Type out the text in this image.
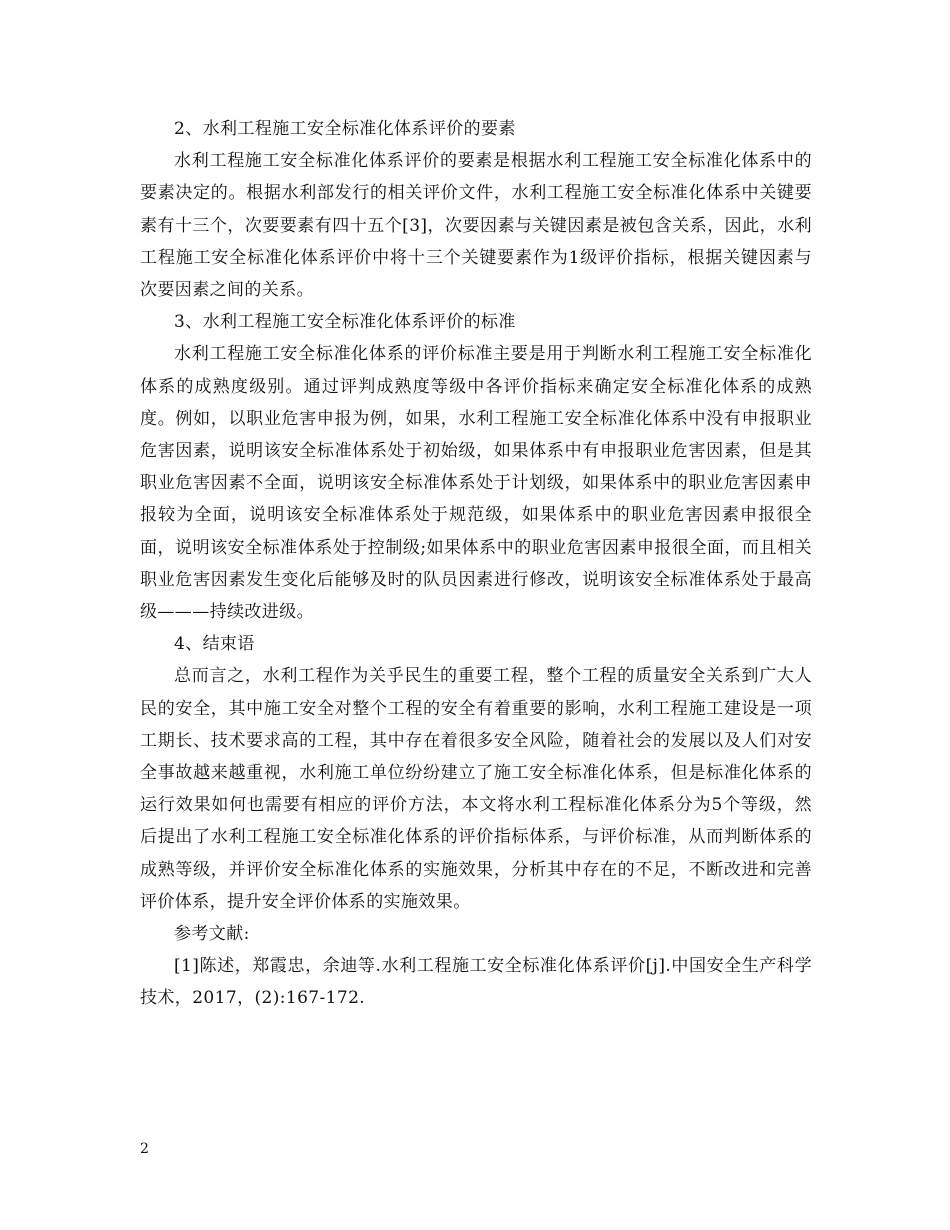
2、水利工程施工安全标准化体系评价的要素

水利工程施工安全标准化体系评价的要素是根据水利工程施工安全标准化体系中的要素决定的。根据水利部发行的相关评价文件，水利工程施工安全标准化体系中关键要素有十三个，次要要素有四十五个[3]，次要因素与关键因素是被包含关系，因此，水利工程施工安全标准化体系评价中将十三个关键要素作为1级评价指标，根据关键因素与次要因素之间的关系。

3、水利工程施工安全标准化体系评价的标准

水利工程施工安全标准化体系的评价标准主要是用于判断水利工程施工安全标准化体系的成熟度级别。通过评判成熟度等级中各评价指标来确定安全标准化体系的成熟度。例如，以职业危害申报为例，如果，水利工程施工安全标准化体系中没有申报职业危害因素，说明该安全标准体系处于初始级，如果体系中有申报职业危害因素，但是其职业危害因素不全面，说明该安全标准体系处于计划级，如果体系中的职业危害因素申报较为全面，说明该安全标准体系处于规范级，如果体系中的职业危害因素申报很全面，说明该安全标准体系处于控制级;如果体系中的职业危害因素申报很全面，而且相关职业危害因素发生变化后能够及时的队员因素进行修改，说明该安全标准体系处于最高级———持续改进级。

4、结束语

总而言之，水利工程作为关乎民生的重要工程，整个工程的质量安全关系到广大人民的安全，其中施工安全对整个工程的安全有着重要的影响，水利工程施工建设是一项工期长、技术要求高的工程，其中存在着很多安全风险，随着社会的发展以及人们对安全事故越来越重视，水利施工单位纷纷建立了施工安全标准化体系，但是标准化体系的运行效果如何也需要有相应的评价方法，本文将水利工程标准化体系分为5个等级，然后提出了水利工程施工安全标准化体系的评价指标体系，与评价标准，从而判断体系的成熟等级，并评价安全标准化体系的实施效果，分析其中存在的不足，不断改进和完善评价体系，提升安全评价体系的实施效果。

参考文献:

[1]陈述，郑霞忠，余迪等.水利工程施工安全标准化体系评价[j].中国安全生产科学技术，2017，(2):167-172.

2
